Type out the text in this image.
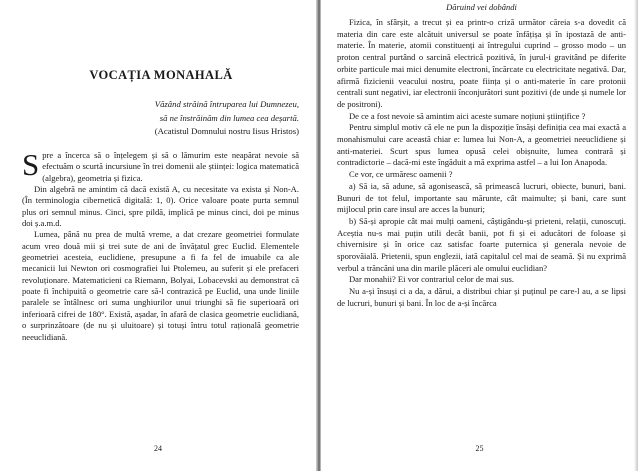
VOCAȚIA MONAHALĂ
Văzând străină întruparea lui Dumnezeu,
să ne înstrăinăm din lumea cea deșartă.

(Acatistul Domnului nostru Iisus Hristos)

Spre a încerca să o înțelegem și să o lămurim este neapărat nevoie să efectuăm o scurtă incursiune în trei domenii ale științei: logica matematică (algebra), geometria și fizica.

Din algebră ne amintim că dacă există A, cu necesitate va exista și Non-A. (În terminologia cibernetică digitală: 1, 0). Orice valoare poate purta semnul plus ori semnul minus. Cinci, spre pildă, implică pe minus cinci, doi pe minus doi ș.a.m.d.

Lumea, până nu prea de multă vreme, a dat crezare geometriei formulate acum vreo două mii și trei sute de ani de învățatul grec Euclid. Elementele geometriei acesteia, euclidiene, presupune a fi fa fel de imuabile ca ale mecanicii lui Newton ori cosmografiei lui Ptolemeu, au suferit și ele prefaceri revoluționare. Matematicieni ca Riemann, Bolyai, Lobacevski au demonstrat că poate fi închipuită o geometrie care să-l contrazică pe Euclid, una unde liniile paralele se întâlnesc ori suma unghiurilor unui triunghi să fie superioară ori inferioară cifrei de 180°. Există, așadar, în afară de clasica geometrie euclidiană, o surprinzătoare (de nu și uluitoare) și totuși întru totul rațională geometrie neeuclidiană.

24

Dăruind vei dobândi

Fizica, în sfârșit, a trecut și ea printr-o criză următor căreia s-a dovedit că materia din care este alcătuit universul se poate înfățișa și în ipostază de anti-materie. În materie, atomii constituenți ai întregului cuprind – grosso modo – un proton central purtând o sarcină electrică pozitivă, în jurul-i gravitând pe diferite orbite particule mai mici denumite electroni, încărcate cu electricitate negativă. Dar, afirmă fizicienii veacului nostru, poate ființa și o anti-materie în care protonii centrali sunt negativi, iar electronii înconjurători sunt pozitivi (de unde și numele lor de positroni).

De ce a fost nevoie să amintim aici aceste sumare noțiuni științifice ?

Pentru simplul motiv că ele ne pun la dispoziție însăși definiția cea mai exactă a monahismului care această chiar e: lumea lui Non-A, a geometriei neeuclidiene și anti-materiei. Scurt spus lumea opusă celei obișnuite, lumea contrară și contradictorie – dacă-mi este îngăduit a mă exprima astfel – a lui Ion Anapoda.

Ce vor, ce urmăresc oamenii ?

a) Să ia, să adune, să agonisească, să primească lucruri, obiecte, bunuri, bani. Bunuri de tot felul, importante sau mărunte, cât maimulte; și bani, care sunt mijlocul prin care insul are acces la bunuri;

b) Să-și apropie cât mai mulți oameni, câștigându-și prieteni, relații, cunoscuți. Aceștia nu-s mai puțin utili decât banii, pot fi și ei aducători de foloase și chivernisire și în orice caz satisfac foarte puternica și generala nevoie de sporovăială. Prietenii, spun englezii, iată capitalul cel mai de seamă. Și nu exprimă verbul a trăncăni una din marile plăceri ale omului euclidian?

Dar monahii? Ei vor contrariul celor de mai sus.

Nu a-și însuși ci a da, a dărui, a distribui chiar și puținul pe care-l au, a se lipsi de lucruri, bunuri și bani. În loc de a-și încărca

25
